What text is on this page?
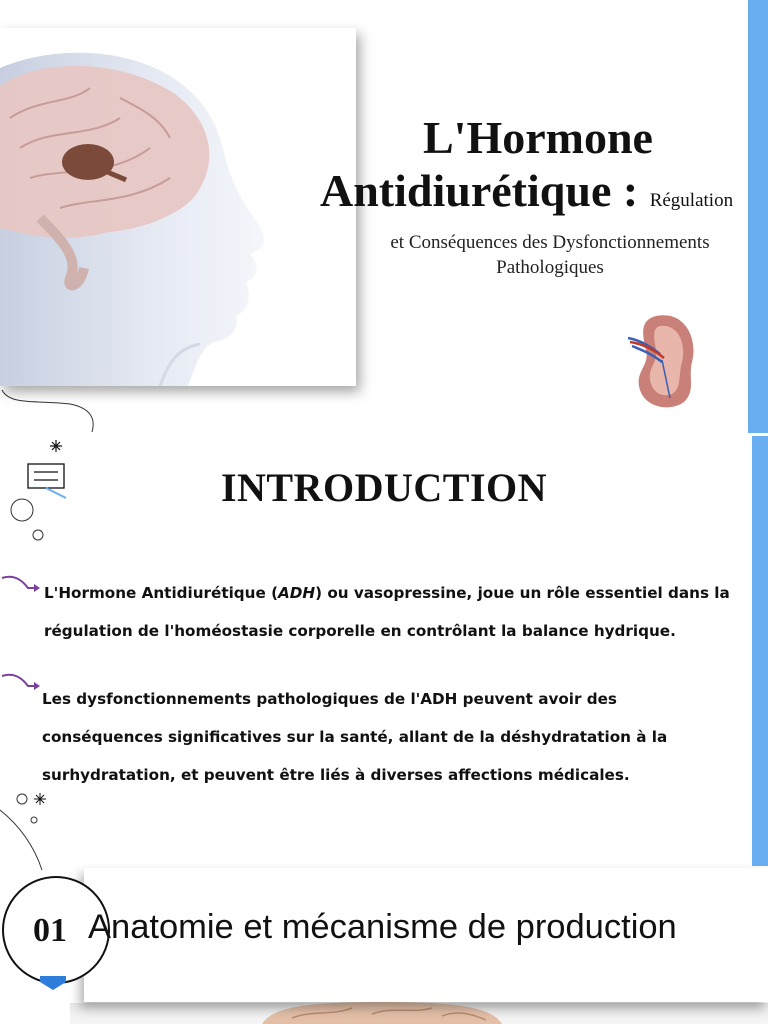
L'Hormone
Antidiurétique : Régulation
et Conséquences des Dysfonctionnements Pathologiques
INTRODUCTION
L'Hormone Antidiurétique (ADH) ou vasopressine, joue un rôle essentiel dans la régulation de l'homéostasie corporelle en contrôlant la balance hydrique.
Les dysfonctionnements pathologiques de l'ADH peuvent avoir des conséquences significatives sur la santé, allant de la déshydratation à la surhydratation, et peuvent être liés à diverses affections médicales.
01 Anatomie et mécanisme de production
